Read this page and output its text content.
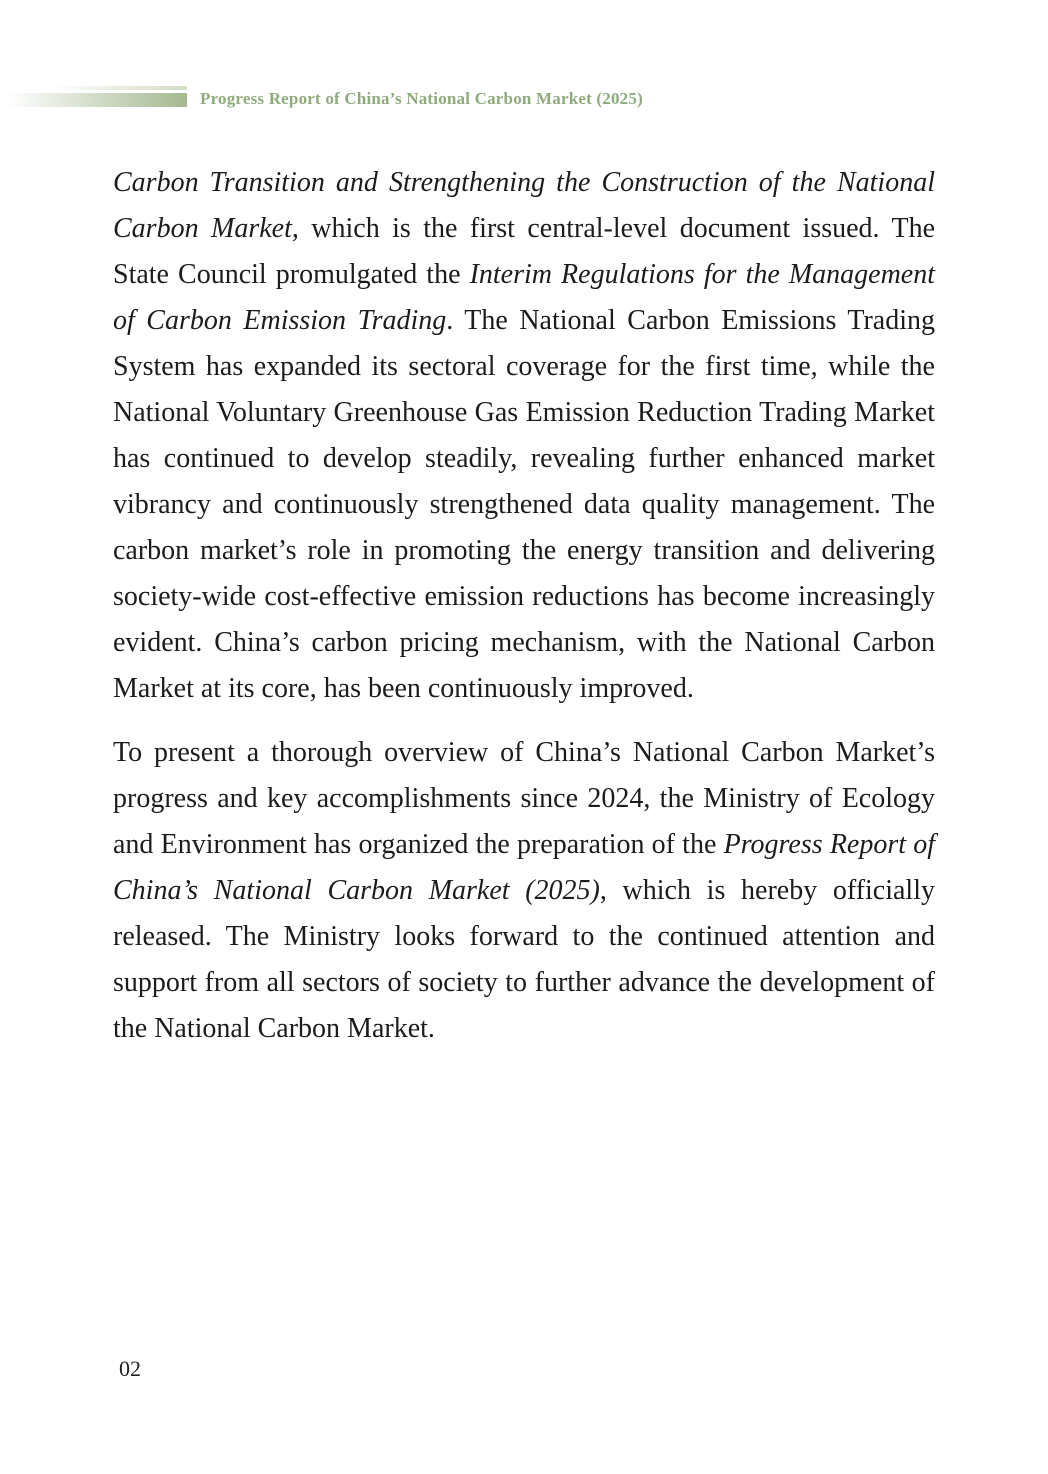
Progress Report of China’s National Carbon Market (2025)

Carbon Transition and Strengthening the Construction of the National Carbon Market, which is the first central-level document issued. The State Council promulgated the Interim Regulations for the Management of Carbon Emission Trading. The National Carbon Emissions Trading System has expanded its sectoral coverage for the first time, while the National Voluntary Greenhouse Gas Emission Reduction Trading Market has continued to develop steadily, revealing further enhanced market vibrancy and continuously strengthened data quality management. The carbon market’s role in promoting the energy transition and delivering society-wide cost-effective emission reductions has become increasingly evident. China’s carbon pricing mechanism, with the National Carbon Market at its core, has been continuously improved.

To present a thorough overview of China’s National Carbon Market’s progress and key accomplishments since 2024, the Ministry of Ecology and Environment has organized the preparation of the Progress Report of China’s National Carbon Market (2025), which is hereby officially released. The Ministry looks forward to the continued attention and support from all sectors of society to further advance the development of the National Carbon Market.

02
